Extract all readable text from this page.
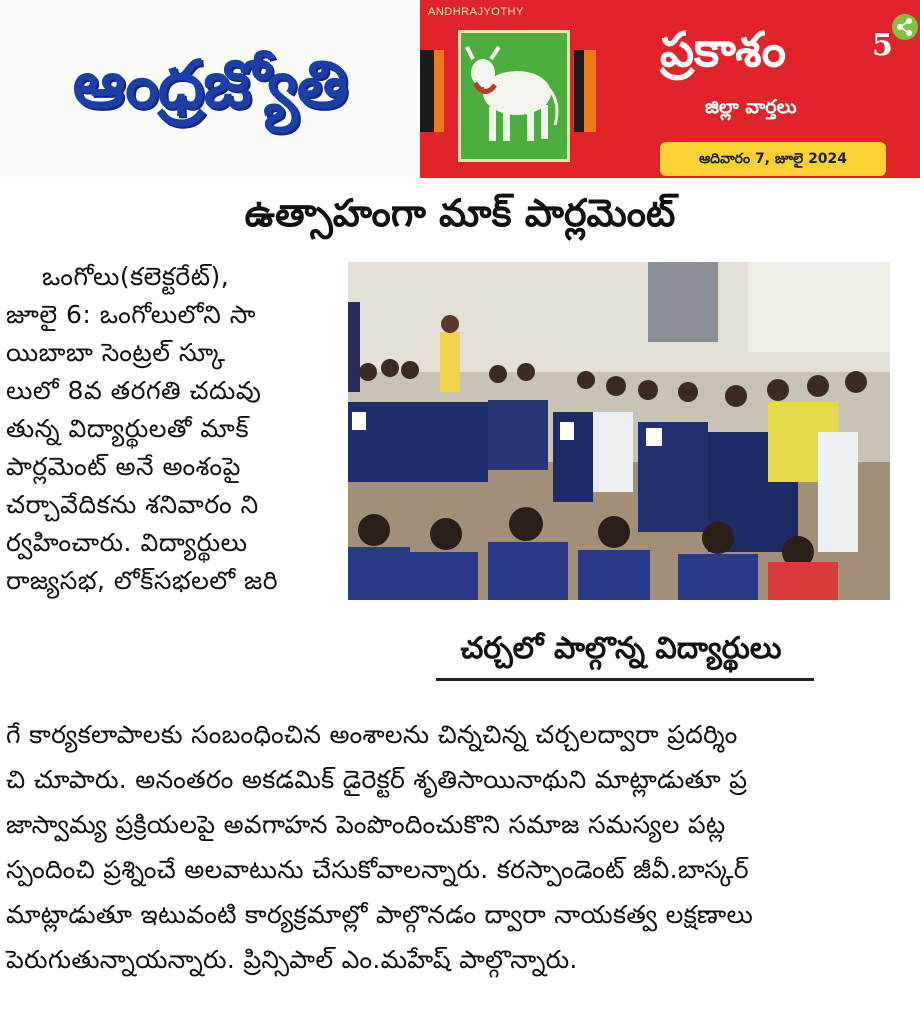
ఆంధ్రజ్యోతి
ANDHRAJYOTHY
ప్రకాశం	5
జిల్లా వార్తలు
ఆదివారం 7, జూలై 2024
ఉత్సాహంగా మాక్ పార్లమెంట్
ఒంగోలు(కలెక్టరేట్),
జూలై 6: ఒంగోలులోని సా
యిబాబా సెంట్రల్ స్కూ
లులో 8వ తరగతి చదువు
తున్న విద్యార్థులతో మాక్
పార్లమెంట్ అనే అంశంపై
చర్చావేదికను శనివారం ని
ర్వహించారు. విద్యార్థులు
రాజ్యసభ, లోక్‌సభలలో జరి
చర్చలో పాల్గొన్న విద్యార్థులు
గే కార్యకలాపాలకు సంబంధించిన అంశాలను చిన్నచిన్న చర్చలద్వారా ప్రదర్శిం
చి చూపారు. అనంతరం అకడమిక్ డైరెక్టర్ శృతిసాయినాథుని మాట్లాడుతూ ప్ర
జాస్వామ్య ప్రక్రియలపై అవగాహన పెంపొందించుకొని సమాజ సమస్యల పట్ల
స్పందించి ప్రశ్నించే అలవాటును చేసుకోవాలన్నారు. కరస్పాండెంట్ జీవీ.బాస్కర్
మాట్లాడుతూ ఇటువంటి కార్యక్రమాల్లో పాల్గొనడం ద్వారా నాయకత్వ లక్షణాలు
పెరుగుతున్నాయన్నారు. ప్రిన్సిపాల్ ఎం.మహేష్ పాల్గొన్నారు.
